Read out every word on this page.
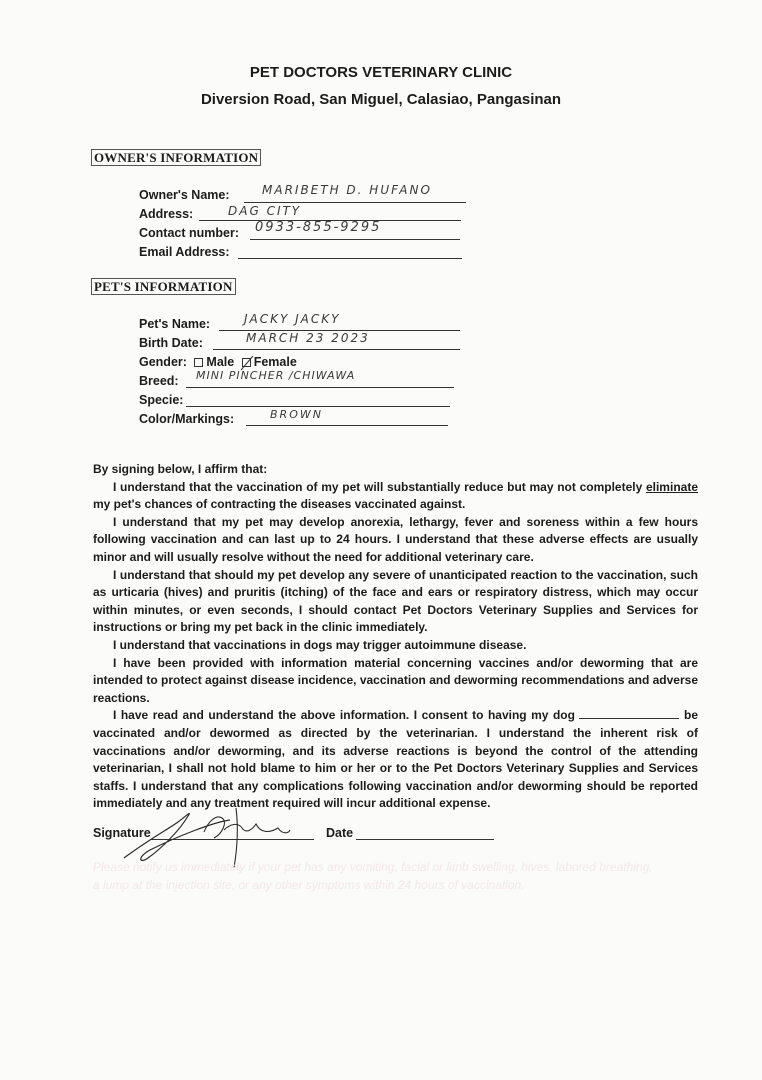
PET DOCTORS VETERINARY CLINIC
Diversion Road, San Miguel, Calasiao, Pangasinan
OWNER'S INFORMATION
Owner's Name:	MARIBETH D. HUFANO
Address:	DAG CITY
Contact number: 0933-855-9295
Email Address:
PET'S INFORMATION
Pet's Name:	JACKY JACKY
Birth Date:	MARCH 23 2023
Gender: Male Female
Breed: MINI PINCHER /CHIWAWA
Specie:
Color/Markings:	BROWN

By signing below, I affirm that:

I understand that the vaccination of my pet will substantially reduce but may not completely eliminate my pet's chances of contracting the diseases vaccinated against.

I understand that my pet may develop anorexia, lethargy, fever and soreness within a few hours following vaccination and can last up to 24 hours. I understand that these adverse effects are usually minor and will usually resolve without the need for additional veterinary care.

I understand that should my pet develop any severe of unanticipated reaction to the vaccination, such as urticaria (hives) and pruritis (itching) of the face and ears or respiratory distress, which may occur within minutes, or even seconds, I should contact Pet Doctors Veterinary Supplies and Services for instructions or bring my pet back in the clinic immediately.

I understand that vaccinations in dogs may trigger autoimmune disease.

I have been provided with information material concerning vaccines and/or deworming that are intended to protect against disease incidence, vaccination and deworming recommendations and adverse reactions.

I have read and understand the above information. I consent to having my dog	be vaccinated and/or dewormed as directed by the veterinarian. I understand the inherent risk of vaccinations and/or deworming, and its adverse reactions is beyond the control of the attending veterinarian, I shall not hold blame to him or her or to the Pet Doctors Veterinary Supplies and Services staffs. I understand that any complications following vaccination and/or deworming should be reported immediately and any treatment required will incur additional expense.

Signature	Date
Please notify us immediately if your pet has any vomiting, facial or limb swelling, hives, labored breathing, a lump at the injection site, or any other symptoms within 24 hours of vaccination.
